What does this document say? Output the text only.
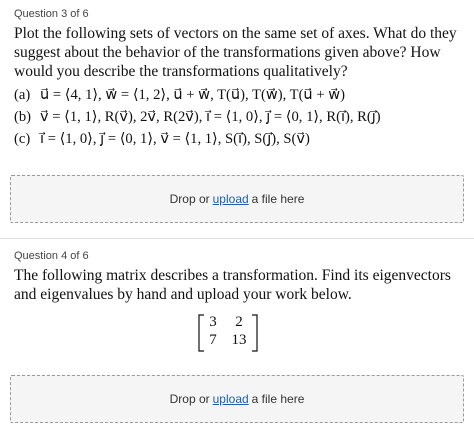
Question 3 of 6
Plot the following sets of vectors on the same set of axes. What do they suggest about the behavior of the transformations given above? How would you describe the transformations qualitatively?
(a) u⃗ = ⟨4, 1⟩, w⃗ = ⟨1, 2⟩, u⃗ + w⃗, T(u⃗), T(w⃗), T(u⃗ + w⃗)
(b) v⃗ = ⟨1, 1⟩, R(v⃗), 2v⃗, R(2v⃗), i⃗ = ⟨1, 0⟩, j⃗ = ⟨0, 1⟩, R(i⃗), R(j⃗)
(c) i⃗ = ⟨1, 0⟩, j⃗ = ⟨0, 1⟩, v⃗ = ⟨1, 1⟩, S(i⃗), S(j⃗), S(v⃗)
Drop or upload a file here
Question 4 of 6
The following matrix describes a transformation. Find its eigenvectors and eigenvalues by hand and upload your work below.
3	2
7 13
Drop or upload a file here
